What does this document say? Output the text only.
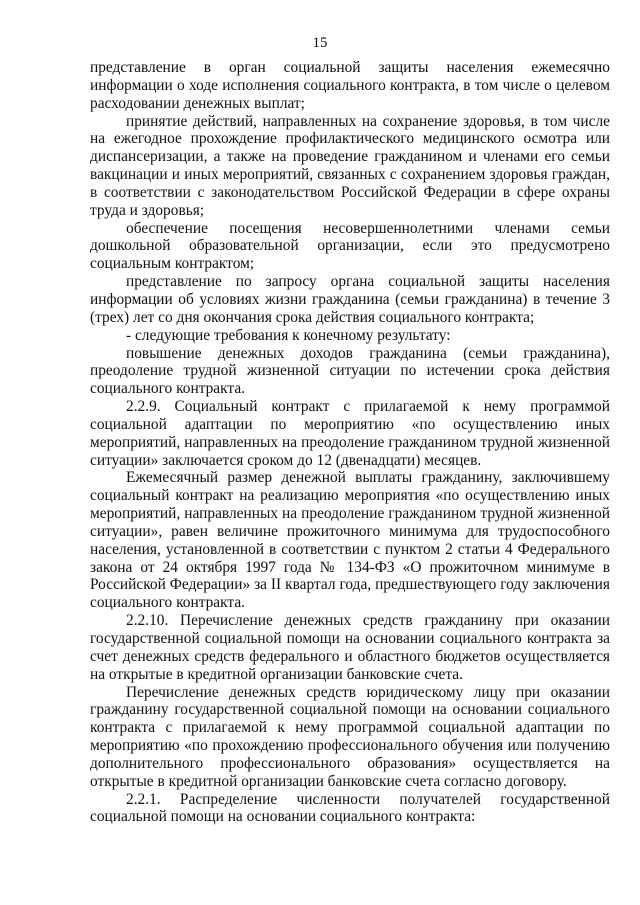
15

представление в орган социальной защиты населения ежемесячно информации о ходе исполнения социального контракта, в том числе о целевом расходовании денежных выплат;

принятие действий, направленных на сохранение здоровья, в том числе на ежегодное прохождение профилактического медицинского осмотра или диспансеризации, а также на проведение гражданином и членами его семьи вакцинации и иных мероприятий, связанных с сохранением здоровья граждан, в соответствии с законодательством Российской Федерации в сфере охраны труда и здоровья;

обеспечение посещения несовершеннолетними членами семьи дошкольной образовательной организации, если это предусмотрено социальным контрактом;

представление по запросу органа социальной защиты населения информации об условиях жизни гражданина (семьи гражданина) в течение 3 (трех) лет со дня окончания срока действия социального контракта;

- следующие требования к конечному результату:

повышение денежных доходов гражданина (семьи гражданина), преодоление трудной жизненной ситуации по истечении срока действия социального контракта.

2.2.9. Социальный контракт с прилагаемой к нему программой социальной адаптации по мероприятию «по осуществлению иных мероприятий, направленных на преодоление гражданином трудной жизненной ситуации» заключается сроком до 12 (двенадцати) месяцев.

Ежемесячный размер денежной выплаты гражданину, заключившему социальный контракт на реализацию мероприятия «по осуществлению иных мероприятий, направленных на преодоление гражданином трудной жизненной ситуации», равен величине прожиточного минимума для трудоспособного населения, установленной в соответствии с пунктом 2 статьи 4 Федерального закона от 24 октября 1997 года № 134-ФЗ «О прожиточном минимуме в Российской Федерации» за II квартал года, предшествующего году заключения социального контракта.

2.2.10. Перечисление денежных средств гражданину при оказании государственной социальной помощи на основании социального контракта за счет денежных средств федерального и областного бюджетов осуществляется на открытые в кредитной организации банковские счета.

Перечисление денежных средств юридическому лицу при оказании гражданину государственной социальной помощи на основании социального контракта с прилагаемой к нему программой социальной адаптации по мероприятию «по прохождению профессионального обучения или получению дополнительного профессионального образования» осуществляется на открытые в кредитной организации банковские счета согласно договору.

2.2.1. Распределение численности получателей государственной социальной помощи на основании социального контракта:
